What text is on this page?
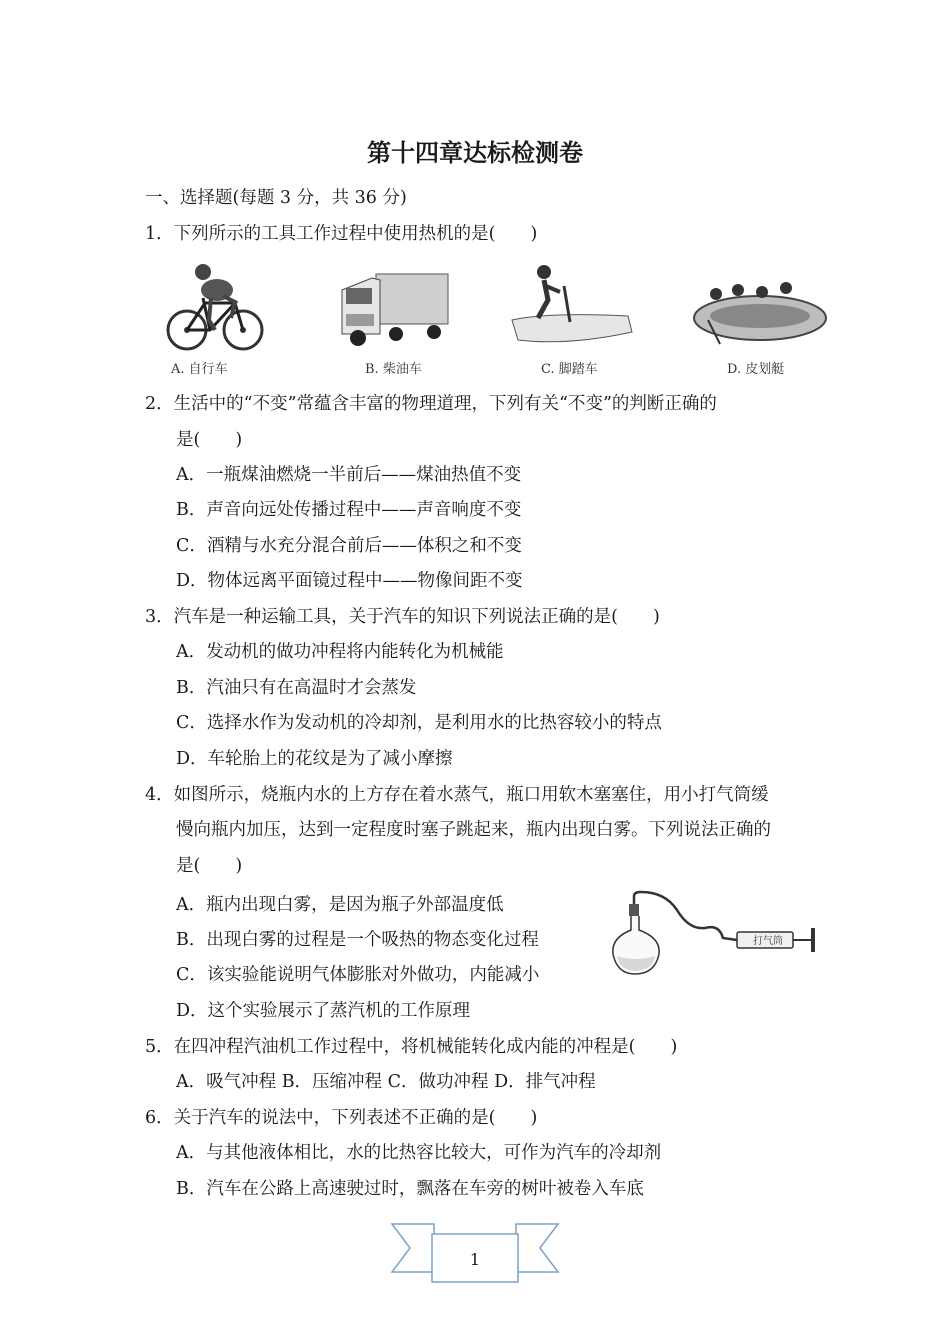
第十四章达标检测卷
一、选择题(每题 3 分，共 36 分)
1．下列所示的工具工作过程中使用热机的是(　　)
A. 自行车	B. 柴油车	C. 脚踏车	D. 皮划艇
2．生活中的“不变”常蕴含丰富的物理道理，下列有关“不变”的判断正确的
是(　　)
A．一瓶煤油燃烧一半前后——煤油热值不变
B．声音向远处传播过程中——声音响度不变
C．酒精与水充分混合前后——体积之和不变
D．物体远离平面镜过程中——物像间距不变
3．汽车是一种运输工具，关于汽车的知识下列说法正确的是(　　)
A．发动机的做功冲程将内能转化为机械能
B．汽油只有在高温时才会蒸发
C．选择水作为发动机的冷却剂，是利用水的比热容较小的特点
D．车轮胎上的花纹是为了减小摩擦
4．如图所示，烧瓶内水的上方存在着水蒸气，瓶口用软木塞塞住，用小打气筒缓
慢向瓶内加压，达到一定程度时塞子跳起来，瓶内出现白雾。下列说法正确的
是(　　)
A．瓶内出现白雾，是因为瓶子外部温度低
B．出现白雾的过程是一个吸热的物态变化过程
C．该实验能说明气体膨胀对外做功，内能减小
D．这个实验展示了蒸汽机的工作原理
打气筒
5．在四冲程汽油机工作过程中，将机械能转化成内能的冲程是(　　)
A．吸气冲程 B．压缩冲程 C．做功冲程 D．排气冲程
6．关于汽车的说法中，下列表述不正确的是(　　)
A．与其他液体相比，水的比热容比较大，可作为汽车的冷却剂
B．汽车在公路上高速驶过时，飘落在车旁的树叶被卷入车底
1
